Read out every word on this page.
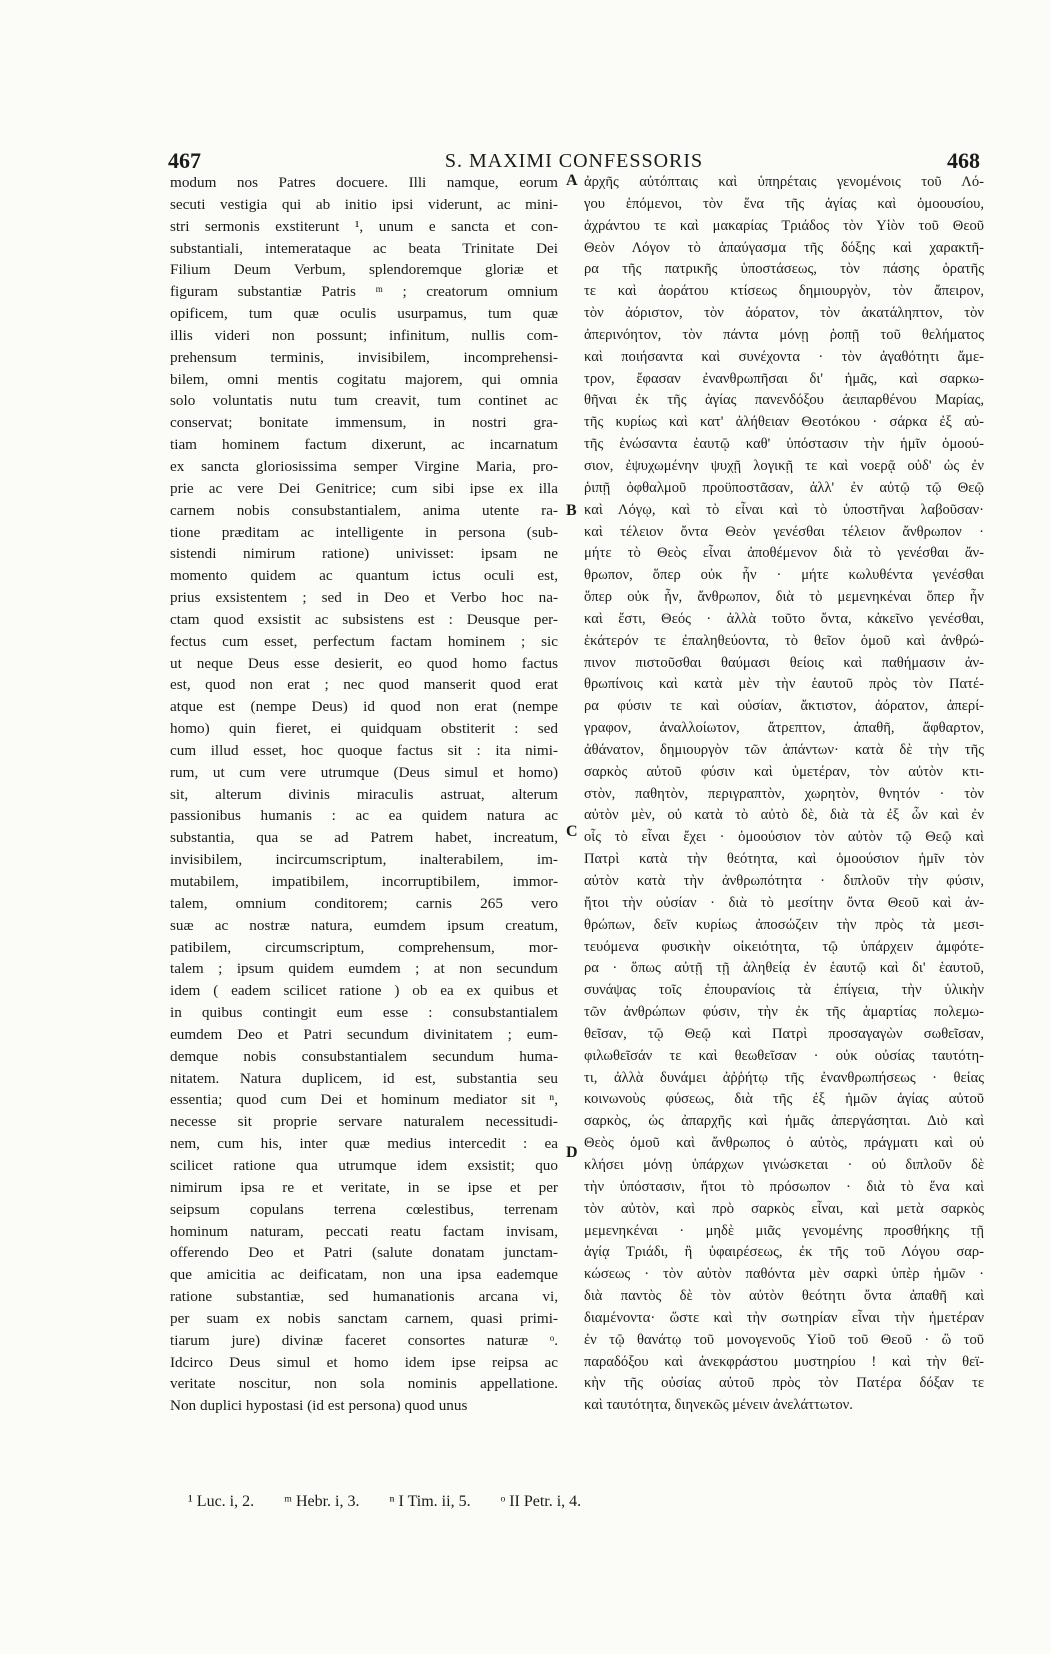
467	S. MAXIMI CONFESSORIS	468
modum nos Patres docuere. Illi namque, eorum
secuti vestigia qui ab initio ipsi viderunt, ac mini-
stri sermonis exstiterunt ¹, unum e sancta et con-
substantiali, intemerataque ac beata Trinitate Dei
Filium Deum Verbum, splendoremque gloriæ et
figuram substantiæ Patris ᵐ ; creatorum omnium
opificem, tum quæ oculis usurpamus, tum quæ
illis videri non possunt; infinitum, nullis com-
prehensum terminis, invisibilem, incomprehensi-
bilem, omni mentis cogitatu majorem, qui omnia
solo voluntatis nutu tum creavit, tum continet ac
conservat; bonitate immensum, in nostri gra-
tiam hominem factum dixerunt, ac incarnatum
ex sancta gloriosissima semper Virgine Maria, pro-
prie ac vere Dei Genitrice; cum sibi ipse ex illa
carnem nobis consubstantialem, anima utente ra-
tione præditam ac intelligente in persona (sub-
sistendi nimirum ratione) univisset: ipsam ne
momento quidem ac quantum ictus oculi est,
prius exsistentem ; sed in Deo et Verbo hoc na-
ctam quod exsistit ac subsistens est : Deusque per-
fectus cum esset, perfectum factam hominem ; sic
ut neque Deus esse desierit, eo quod homo factus
est, quod non erat ; nec quod manserit quod erat
atque est (nempe Deus) id quod non erat (nempe
homo) quin fieret, ei quidquam obstiterit : sed
cum illud esset, hoc quoque factus sit : ita nimi-
rum, ut cum vere utrumque (Deus simul et homo)
sit, alterum divinis miraculis astruat, alterum
passionibus humanis : ac ea quidem natura ac
substantia, qua se ad Patrem habet, increatum,
invisibilem, incircumscriptum, inalterabilem, im-
mutabilem, impatibilem, incorruptibilem, immor-
talem, omnium conditorem; carnis 265 vero
suæ ac nostræ natura, eumdem ipsum creatum,
patibilem, circumscriptum, comprehensum, mor-
talem ; ipsum quidem eumdem ; at non secundum
idem ( eadem scilicet ratione ) ob ea ex quibus et
in quibus contingit eum esse : consubstantialem
eumdem Deo et Patri secundum divinitatem ; eum-
demque nobis consubstantialem secundum huma-
nitatem. Natura duplicem, id est, substantia seu
essentia; quod cum Dei et hominum mediator sit ⁿ,
necesse sit proprie servare naturalem necessitudi-
nem, cum his, inter quæ medius intercedit : ea
scilicet ratione qua utrumque idem exsistit; quo
nimirum ipsa re et veritate, in se ipse et per
seipsum copulans terrena cœlestibus, terrenam
hominum naturam, peccati reatu factam invisam,
offerendo Deo et Patri (salute donatam junctam-
que amicitia ac deificatam, non una ipsa eademque
ratione substantiæ, sed humanationis arcana vi,
per suam ex nobis sanctam carnem, quasi primi-
tiarum jure) divinæ faceret consortes naturæ ᵒ.
Idcirco Deus simul et homo idem ipse reipsa ac
veritate noscitur, non sola nominis appellatione.
Non duplici hypostasi (id est persona) quod unus
ἀρχῆς αὐτόπταις καὶ ὑπηρέταις γενομένοις τοῦ Λό-
γου ἑπόμενοι, τὸν ἕνα τῆς ἁγίας καὶ ὁμοουσίου,
ἀχράντου τε καὶ μακαρίας Τριάδος τὸν Υἱὸν τοῦ Θεοῦ
Θεὸν Λόγον τὸ ἀπαύγασμα τῆς δόξης καὶ χαρακτῆ-
ρα τῆς πατρικῆς ὑποστάσεως, τὸν πάσης ὁρατῆς
τε καὶ ἀοράτου κτίσεως δημιουργὸν, τὸν ἄπειρον,
τὸν ἀόριστον, τὸν ἀόρατον, τὸν ἀκατάληπτον, τὸν
ἀπερινόητον, τὸν πάντα μόνῃ ῥοπῇ τοῦ θελήματος
καὶ ποιήσαντα καὶ συνέχοντα · τὸν ἀγαθότητι ἄμε-
τρον, ἔφασαν ἐνανθρωπῆσαι δι' ἡμᾶς, καὶ σαρκω-
θῆναι ἐκ τῆς ἁγίας πανενδόξου ἀειπαρθένου Μαρίας,
τῆς κυρίως καὶ κατ' ἀλήθειαν Θεοτόκου · σάρκα ἐξ αὐ-
τῆς ἑνώσαντα ἑαυτῷ καθ' ὑπόστασιν τὴν ἡμῖν ὁμοού-
σιον, ἐψυχωμένην ψυχῇ λογικῇ τε καὶ νοερᾷ οὐδ' ὡς ἐν
ῥιπῇ ὀφθαλμοῦ προϋποστᾶσαν, ἀλλ' ἐν αὐτῷ τῷ Θεῷ
καὶ Λόγῳ, καὶ τὸ εἶναι καὶ τὸ ὑποστῆναι λαβοῦσαν·
καὶ τέλειον ὄντα Θεὸν γενέσθαι τέλειον ἄνθρωπον ·
μήτε τὸ Θεὸς εἶναι ἀποθέμενον διὰ τὸ γενέσθαι ἄν-
θρωπον, ὅπερ οὐκ ἦν · μήτε κωλυθέντα γενέσθαι
ὅπερ οὐκ ἦν, ἄνθρωπον, διὰ τὸ μεμενηκέναι ὅπερ ἦν
καὶ ἔστι, Θεός · ἀλλὰ τοῦτο ὄντα, κἀκεῖνο γενέσθαι,
ἑκάτερόν τε ἐπαληθεύοντα, τὸ θεῖον ὁμοῦ καὶ ἀνθρώ-
πινον πιστοῦσθαι θαύμασι θείοις καὶ παθήμασιν ἀν-
θρωπίνοις καὶ κατὰ μὲν τὴν ἑαυτοῦ πρὸς τὸν Πατέ-
ρα φύσιν τε καὶ οὐσίαν, ἄκτιστον, ἀόρατον, ἀπερί-
γραφον, ἀναλλοίωτον, ἄτρεπτον, ἀπαθῆ, ἄφθαρτον,
ἀθάνατον, δημιουργὸν τῶν ἁπάντων· κατὰ δὲ τὴν τῆς
σαρκὸς αὐτοῦ φύσιν καὶ ὑμετέραν, τὸν αὐτὸν κτι-
στὸν, παθητὸν, περιγραπτὸν, χωρητὸν, θνητόν · τὸν
αὐτὸν μὲν, οὐ κατὰ τὸ αὐτὸ δὲ, διὰ τὰ ἐξ ὧν καὶ ἐν
οἷς τὸ εἶναι ἔχει · ὁμοούσιον τὸν αὐτὸν τῷ Θεῷ καὶ
Πατρὶ κατὰ τὴν θεότητα, καὶ ὁμοούσιον ἡμῖν τὸν
αὐτὸν κατὰ τὴν ἀνθρωπότητα · διπλοῦν τὴν φύσιν,
ἤτοι τὴν οὐσίαν · διὰ τὸ μεσίτην ὄντα Θεοῦ καὶ ἀν-
θρώπων, δεῖν κυρίως ἀποσώζειν τὴν πρὸς τὰ μεσι-
τευόμενα φυσικὴν οἰκειότητα, τῷ ὑπάρχειν ἀμφότε-
ρα · ὅπως αὐτῇ τῇ ἀληθείᾳ ἐν ἑαυτῷ καὶ δι' ἑαυτοῦ,
συνάψας τοῖς ἐπουρανίοις τὰ ἐπίγεια, τὴν ὑλικὴν
τῶν ἀνθρώπων φύσιν, τὴν ἐκ τῆς ἁμαρτίας πολεμω-
θεῖσαν, τῷ Θεῷ καὶ Πατρὶ προσαγαγὼν σωθεῖσαν,
φιλωθεῖσάν τε καὶ θεωθεῖσαν · οὐκ οὐσίας ταυτότη-
τι, ἀλλὰ δυνάμει ἀῤῥήτῳ τῆς ἐνανθρωπήσεως · θείας
κοινωνοὺς φύσεως, διὰ τῆς ἐξ ἡμῶν ἁγίας αὐτοῦ
σαρκὸς, ὡς ἀπαρχῆς καὶ ἡμᾶς ἀπεργάσηται. Διὸ καὶ
Θεὸς ὁμοῦ καὶ ἄνθρωπος ὁ αὐτὸς, πράγματι καὶ οὐ
κλήσει μόνῃ ὑπάρχων γινώσκεται · οὐ διπλοῦν δὲ
τὴν ὑπόστασιν, ἤτοι τὸ πρόσωπον · διὰ τὸ ἕνα καὶ
τὸν αὐτὸν, καὶ πρὸ σαρκὸς εἶναι, καὶ μετὰ σαρκὸς
μεμενηκέναι · μηδὲ μιᾶς γενομένης προσθήκης τῇ
ἁγίᾳ Τριάδι, ἢ ὑφαιρέσεως, ἐκ τῆς τοῦ Λόγου σαρ-
κώσεως · τὸν αὐτὸν παθόντα μὲν σαρκὶ ὑπὲρ ἡμῶν ·
διὰ παντὸς δὲ τὸν αὐτὸν θεότητι ὄντα ἀπαθῆ καὶ
διαμένοντα· ὥστε καὶ τὴν σωτηρίαν εἶναι τὴν ἡμετέραν
ἐν τῷ θανάτῳ τοῦ μονογενοῦς Υἱοῦ τοῦ Θεοῦ · ὢ τοῦ
παραδόξου καὶ ἀνεκφράστου μυστηρίου ! καὶ τὴν θεϊ-
κὴν τῆς οὐσίας αὐτοῦ πρὸς τὸν Πατέρα δόξαν τε
καὶ ταυτότητα, διηνεκῶς μένειν ἀνελάττωτον.
A
B
C
D
¹ Luc. i, 2. ᵐ Hebr. i, 3. ⁿ I Tim. ii, 5. ᵒ II Petr. i, 4.
